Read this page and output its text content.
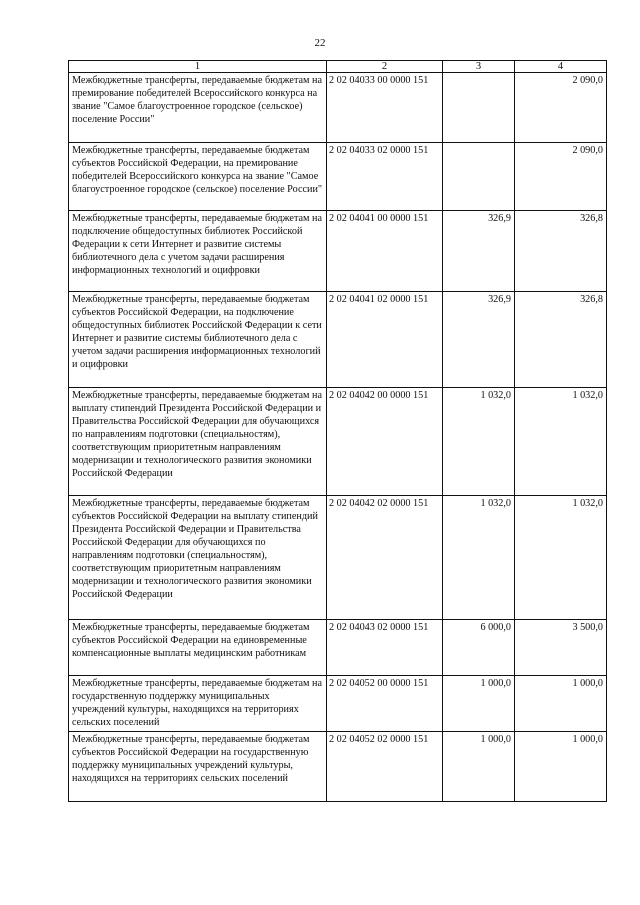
22
1	2	3	4
Межбюджетные трансферты, передаваемые бюджетам на премирование победителей Всероссийского конкурса на звание "Самое благоустроенное городское (сельское) поселение России"	2 02 04033 00 0000 151		2 090,0
Межбюджетные трансферты, передаваемые бюджетам субъектов Российской Федерации, на премирование победителей Всероссийского конкурса на звание "Самое благоустроенное городское (сельское) поселение России"	2 02 04033 02 0000 151		2 090,0
Межбюджетные трансферты, передаваемые бюджетам на подключение общедоступных библиотек Российской Федерации к сети Интернет и развитие системы библиотечного дела с учетом задачи расширения информационных технологий и оцифровки	2 02 04041 00 0000 151	326,9	326,8
Межбюджетные трансферты, передаваемые бюджетам субъектов Российской Федерации, на подключение общедоступных библиотек Российской Федерации к сети Интернет и развитие системы библиотечного дела с учетом задачи расширения информационных технологий и оцифровки	2 02 04041 02 0000 151	326,9	326,8
Межбюджетные трансферты, передаваемые бюджетам на выплату стипендий Президента Российской Федерации и Правительства Российской Федерации для обучающихся по направлениям подготовки (специальностям), соответствующим приоритетным направлениям модернизации и технологического развития экономики Российской Федерации	2 02 04042 00 0000 151	1 032,0	1 032,0
Межбюджетные трансферты, передаваемые бюджетам субъектов Российской Федерации на выплату стипендий Президента Российской Федерации и Правительства Российской Федерации для обучающихся по направлениям подготовки (специальностям), соответствующим приоритетным направлениям модернизации и технологического развития экономики Российской Федерации	2 02 04042 02 0000 151	1 032,0	1 032,0
Межбюджетные трансферты, передаваемые бюджетам субъектов Российской Федерации на единовременные компенсационные выплаты медицинским работникам	2 02 04043 02 0000 151	6 000,0	3 500,0
Межбюджетные трансферты, передаваемые бюджетам на государственную поддержку муниципальных учреждений культуры, находящихся на территориях сельских поселений	2 02 04052 00 0000 151	1 000,0	1 000,0
Межбюджетные трансферты, передаваемые бюджетам субъектов Российской Федерации на государственную поддержку муниципальных учреждений культуры, находящихся на территориях сельских поселений	2 02 04052 02 0000 151	1 000,0	1 000,0
